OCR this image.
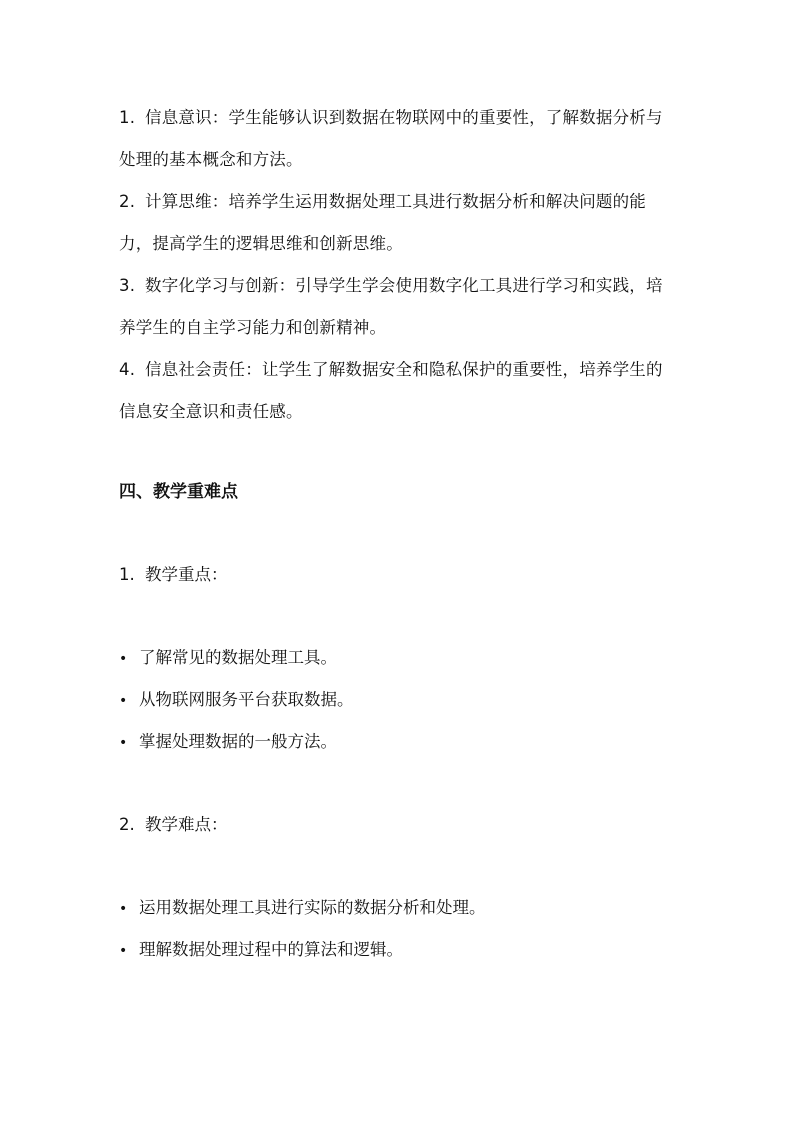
1. 信息意识：学生能够认识到数据在物联网中的重要性，了解数据分析与处理的基本概念和方法。

2. 计算思维：培养学生运用数据处理工具进行数据分析和解决问题的能力，提高学生的逻辑思维和创新思维。

3. 数字化学习与创新：引导学生学会使用数字化工具进行学习和实践，培养学生的自主学习能力和创新精神。

4. 信息社会责任：让学生了解数据安全和隐私保护的重要性，培养学生的信息安全意识和责任感。

四、教学重难点

1. 教学重点：

• 了解常见的数据处理工具。

• 从物联网服务平台获取数据。

• 掌握处理数据的一般方法。

2. 教学难点：

• 运用数据处理工具进行实际的数据分析和处理。

• 理解数据处理过程中的算法和逻辑。
